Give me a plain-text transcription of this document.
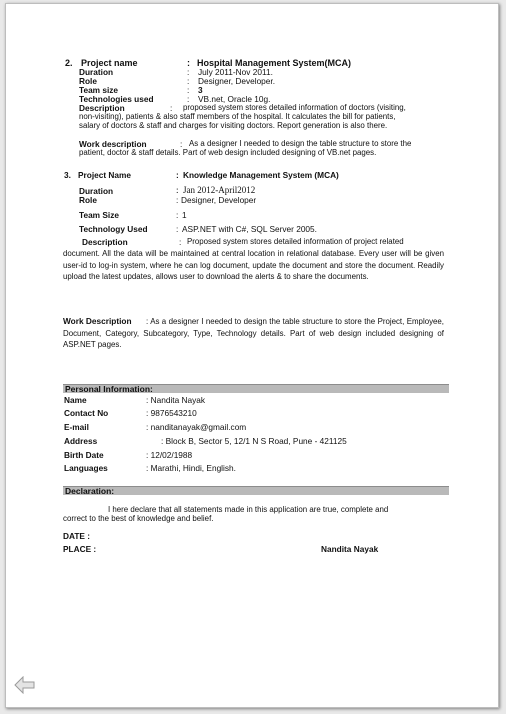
2. Project name	: Hospital Management System(MCA)
Duration	: July 2011-Nov 2011.
Role	: Designer, Developer.
Team size	: 3
Technologies used	: VB.net, Oracle 10g.
Description	: proposed system stores detailed information of doctors (visiting,
non-visiting), patients & also staff members of the hospital. It calculates the bill for patients,
salary of doctors & staff and charges for visiting doctors. Report generation is also there.
Work description	: As a designer I needed to design the table structure to store the
patient, doctor & staff details. Part of web design included designing of VB.net pages.
3. Project Name	: Knowledge Management System (MCA)
Duration	: Jan 2012-April2012
Role	: Designer, Developer
Team Size	: 1
Technology Used	: ASP.NET with C#, SQL Server 2005.
Description	: Proposed system stores detailed information of project related
document. All the data will be maintained at central location in relational database. Every user will be given user-id to log-in system, where he can log document, update the document and store the document. Readily upload the latest updates, allows user to download the alerts & to share the documents.
Work Description	: As a designer I needed to design the table structure to store the Project, Employee, Document, Category, Subcategory, Type, Technology details. Part of web design included designing of ASP.NET pages.
Personal Information:
Name	: Nandita Nayak
Contact No	: 9876543210
E-mail	: nanditanayak@gmail.com
Address	: Block B, Sector 5, 12/1 N S Road, Pune - 421125
Birth Date	: 12/02/1988
Languages	: Marathi, Hindi, English.
Declaration:
I here declare that all statements made in this application are true, complete and
correct to the best of knowledge and belief.
DATE :
PLACE :	Nandita Nayak
